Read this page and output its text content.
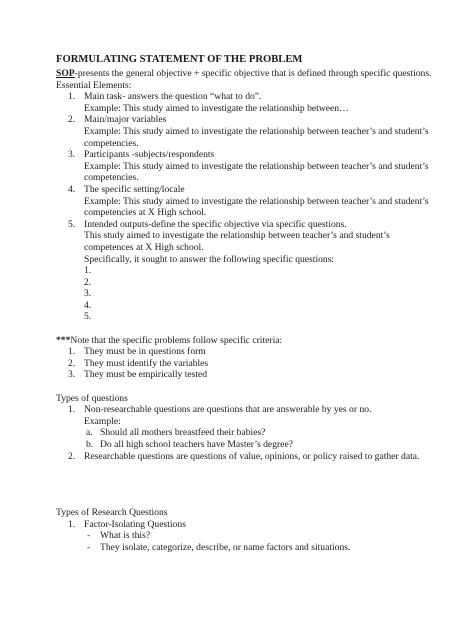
FORMULATING STATEMENT OF THE PROBLEM
SOP-presents the general objective + specific objective that is defined through specific questions.
Essential Elements:
1. Main task- answers the question “what to do”.
Example: This study aimed to investigate the relationship between…
2. Main/major variables
Example: This study aimed to investigate the relationship between teacher’s and student’s competencies.
3. Participants -subjects/respondents
Example: This study aimed to investigate the relationship between teacher’s and student’s competencies.
4. The specific setting/locale
Example: This study aimed to investigate the relationship between teacher’s and student’s competencies at X High school.
5. Intended outputs-define the specific objective via specific questions.
This study aimed to investigate the relationship between teacher’s and student’s competences at X High school.
Specifically, it sought to answer the following specific questions:
1.
2.
3.
4.
5.
***Note that the specific problems follow specific criteria:
1. They must be in questions form
2. They must identify the variables
3. They must be empirically tested
Types of questions
1. Non-researchable questions are questions that are answerable by yes or no.
Example:
a. Should all mothers breastfeed their babies?
b. Do all high school teachers have Master’s degree?
2. Researchable questions are questions of value, opinions, or policy raised to gather data.
Types of Research Questions
1. Factor-Isolating Questions
- What is this?
- They isolate, categorize, describe, or name factors and situations.
